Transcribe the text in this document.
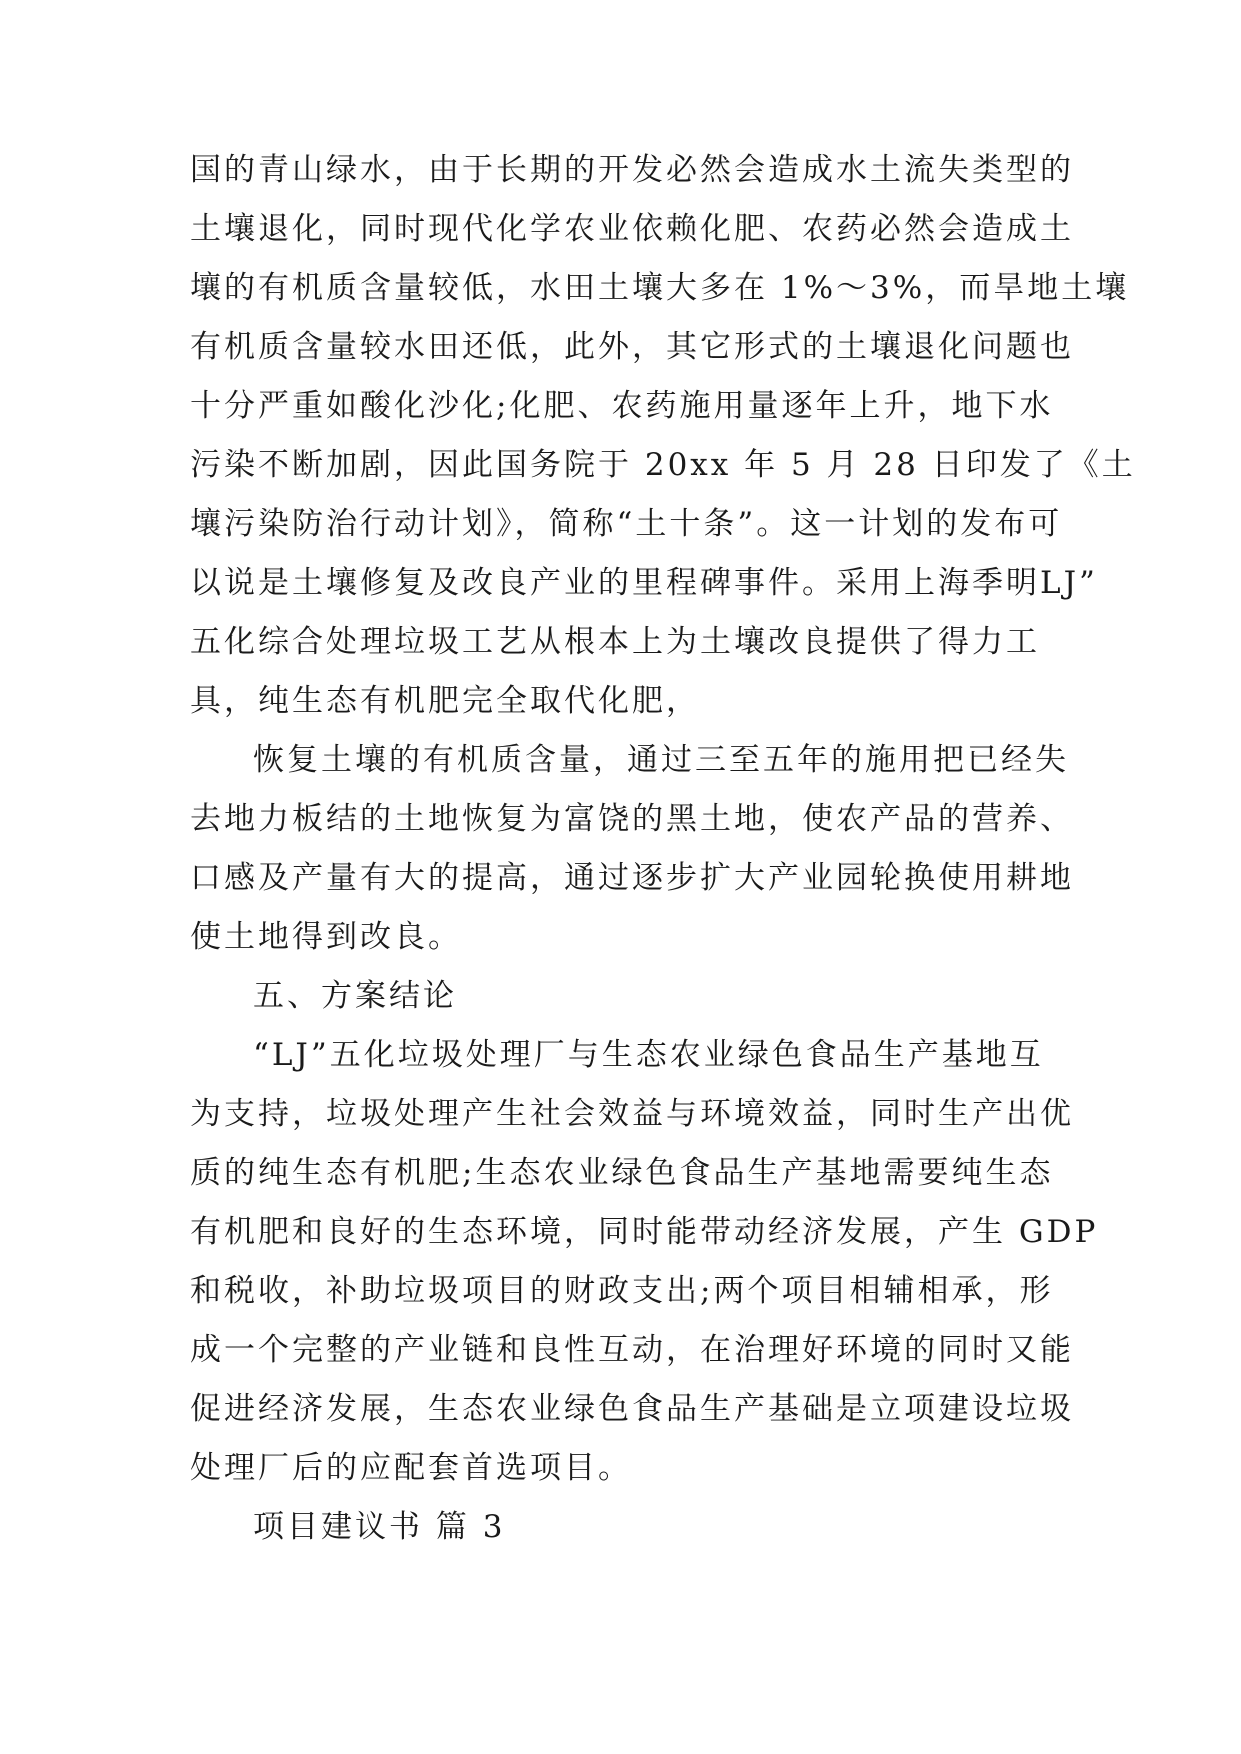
国的青山绿水，由于长期的开发必然会造成水土流失类型的
土壤退化，同时现代化学农业依赖化肥、农药必然会造成土
壤的有机质含量较低，水田土壤大多在 1%～3%，而旱地土壤
有机质含量较水田还低，此外，其它形式的土壤退化问题也
十分严重如酸化沙化;化肥、农药施用量逐年上升，地下水
污染不断加剧，因此国务院于 20xx 年 5 月 28 日印发了《土
壤污染防治行动计划》，简称“土十条”。这一计划的发布可
以说是土壤修复及改良产业的里程碑事件。采用上海季明LJ”
五化综合处理垃圾工艺从根本上为土壤改良提供了得力工
具，纯生态有机肥完全取代化肥，
恢复土壤的有机质含量，通过三至五年的施用把已经失
去地力板结的土地恢复为富饶的黑土地，使农产品的营养、
口感及产量有大的提高，通过逐步扩大产业园轮换使用耕地
使土地得到改良。
五、方案结论
“LJ”五化垃圾处理厂与生态农业绿色食品生产基地互
为支持，垃圾处理产生社会效益与环境效益，同时生产出优
质的纯生态有机肥;生态农业绿色食品生产基地需要纯生态
有机肥和良好的生态环境，同时能带动经济发展，产生 GDP
和税收，补助垃圾项目的财政支出;两个项目相辅相承，形
成一个完整的产业链和良性互动，在治理好环境的同时又能
促进经济发展，生态农业绿色食品生产基础是立项建设垃圾
处理厂后的应配套首选项目。
项目建议书 篇 3
